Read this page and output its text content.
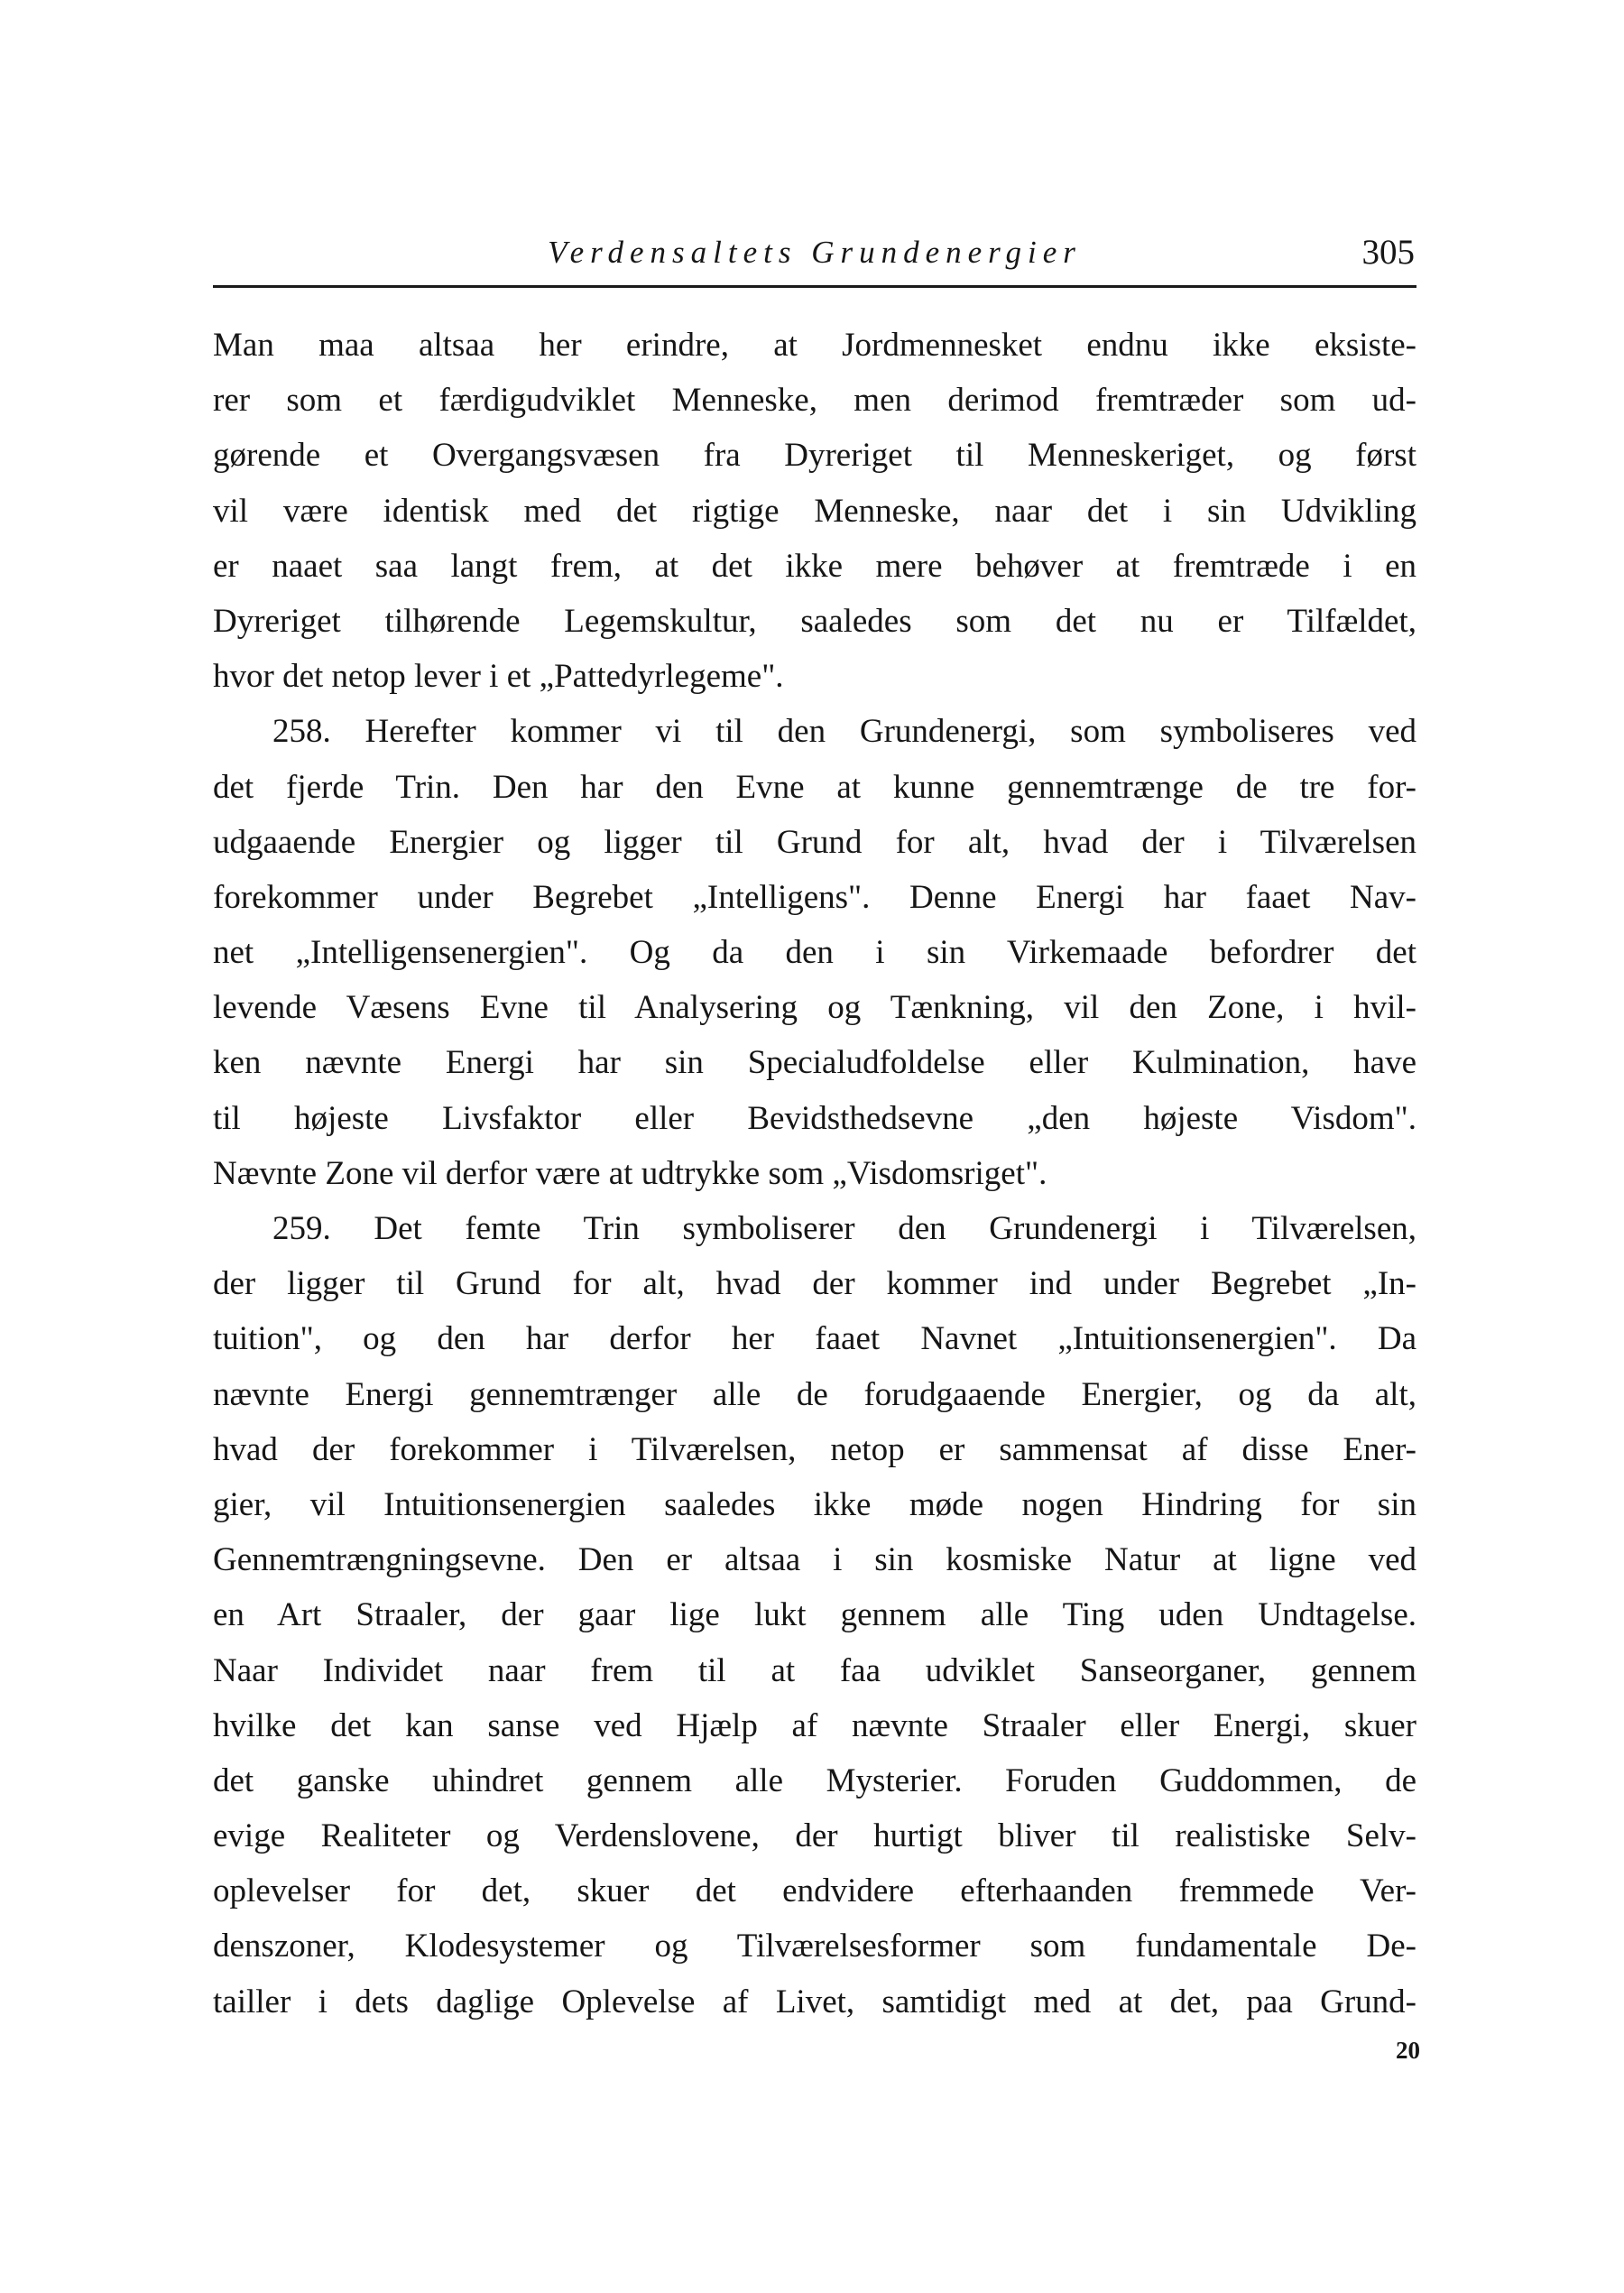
Verdensaltets Grundenergier	305
Man maa altsaa her erindre, at Jordmennesket endnu ikke eksiste-
rer som et færdigudviklet Menneske, men derimod fremtræder som ud-
gørende et Overgangsvæsen fra Dyreriget til Menneskeriget, og først
vil være identisk med det rigtige Menneske, naar det i sin Udvikling
er naaet saa langt frem, at det ikke mere behøver at fremtræde i en
Dyreriget tilhørende Legemskultur, saaledes som det nu er Tilfældet,
hvor det netop lever i et „Pattedyrlegeme".
258. Herefter kommer vi til den Grundenergi, som symboliseres ved
det fjerde Trin. Den har den Evne at kunne gennemtrænge de tre for-
udgaaende Energier og ligger til Grund for alt, hvad der i Tilværelsen
forekommer under Begrebet „Intelligens". Denne Energi har faaet Nav-
net „Intelligensenergien". Og da den i sin Virkemaade befordrer det
levende Væsens Evne til Analysering og Tænkning, vil den Zone, i hvil-
ken nævnte Energi har sin Specialudfoldelse eller Kulmination, have
til højeste Livsfaktor eller Bevidsthedsevne „den højeste Visdom".
Nævnte Zone vil derfor være at udtrykke som „Visdomsriget".
259. Det femte Trin symboliserer den Grundenergi i Tilværelsen,
der ligger til Grund for alt, hvad der kommer ind under Begrebet „In-
tuition", og den har derfor her faaet Navnet „Intuitionsenergien". Da
nævnte Energi gennemtrænger alle de forudgaaende Energier, og da alt,
hvad der forekommer i Tilværelsen, netop er sammensat af disse Ener-
gier, vil Intuitionsenergien saaledes ikke møde nogen Hindring for sin
Gennemtrængningsevne. Den er altsaa i sin kosmiske Natur at ligne ved
en Art Straaler, der gaar lige lukt gennem alle Ting uden Undtagelse.
Naar Individet naar frem til at faa udviklet Sanseorganer, gennem
hvilke det kan sanse ved Hjælp af nævnte Straaler eller Energi, skuer
det ganske uhindret gennem alle Mysterier. Foruden Guddommen, de
evige Realiteter og Verdenslovene, der hurtigt bliver til realistiske Selv-
oplevelser for det, skuer det endvidere efterhaanden fremmede Ver-
denszoner, Klodesystemer og Tilværelsesformer som fundamentale De-
tailler i dets daglige Oplevelse af Livet, samtidigt med at det, paa Grund-
20
